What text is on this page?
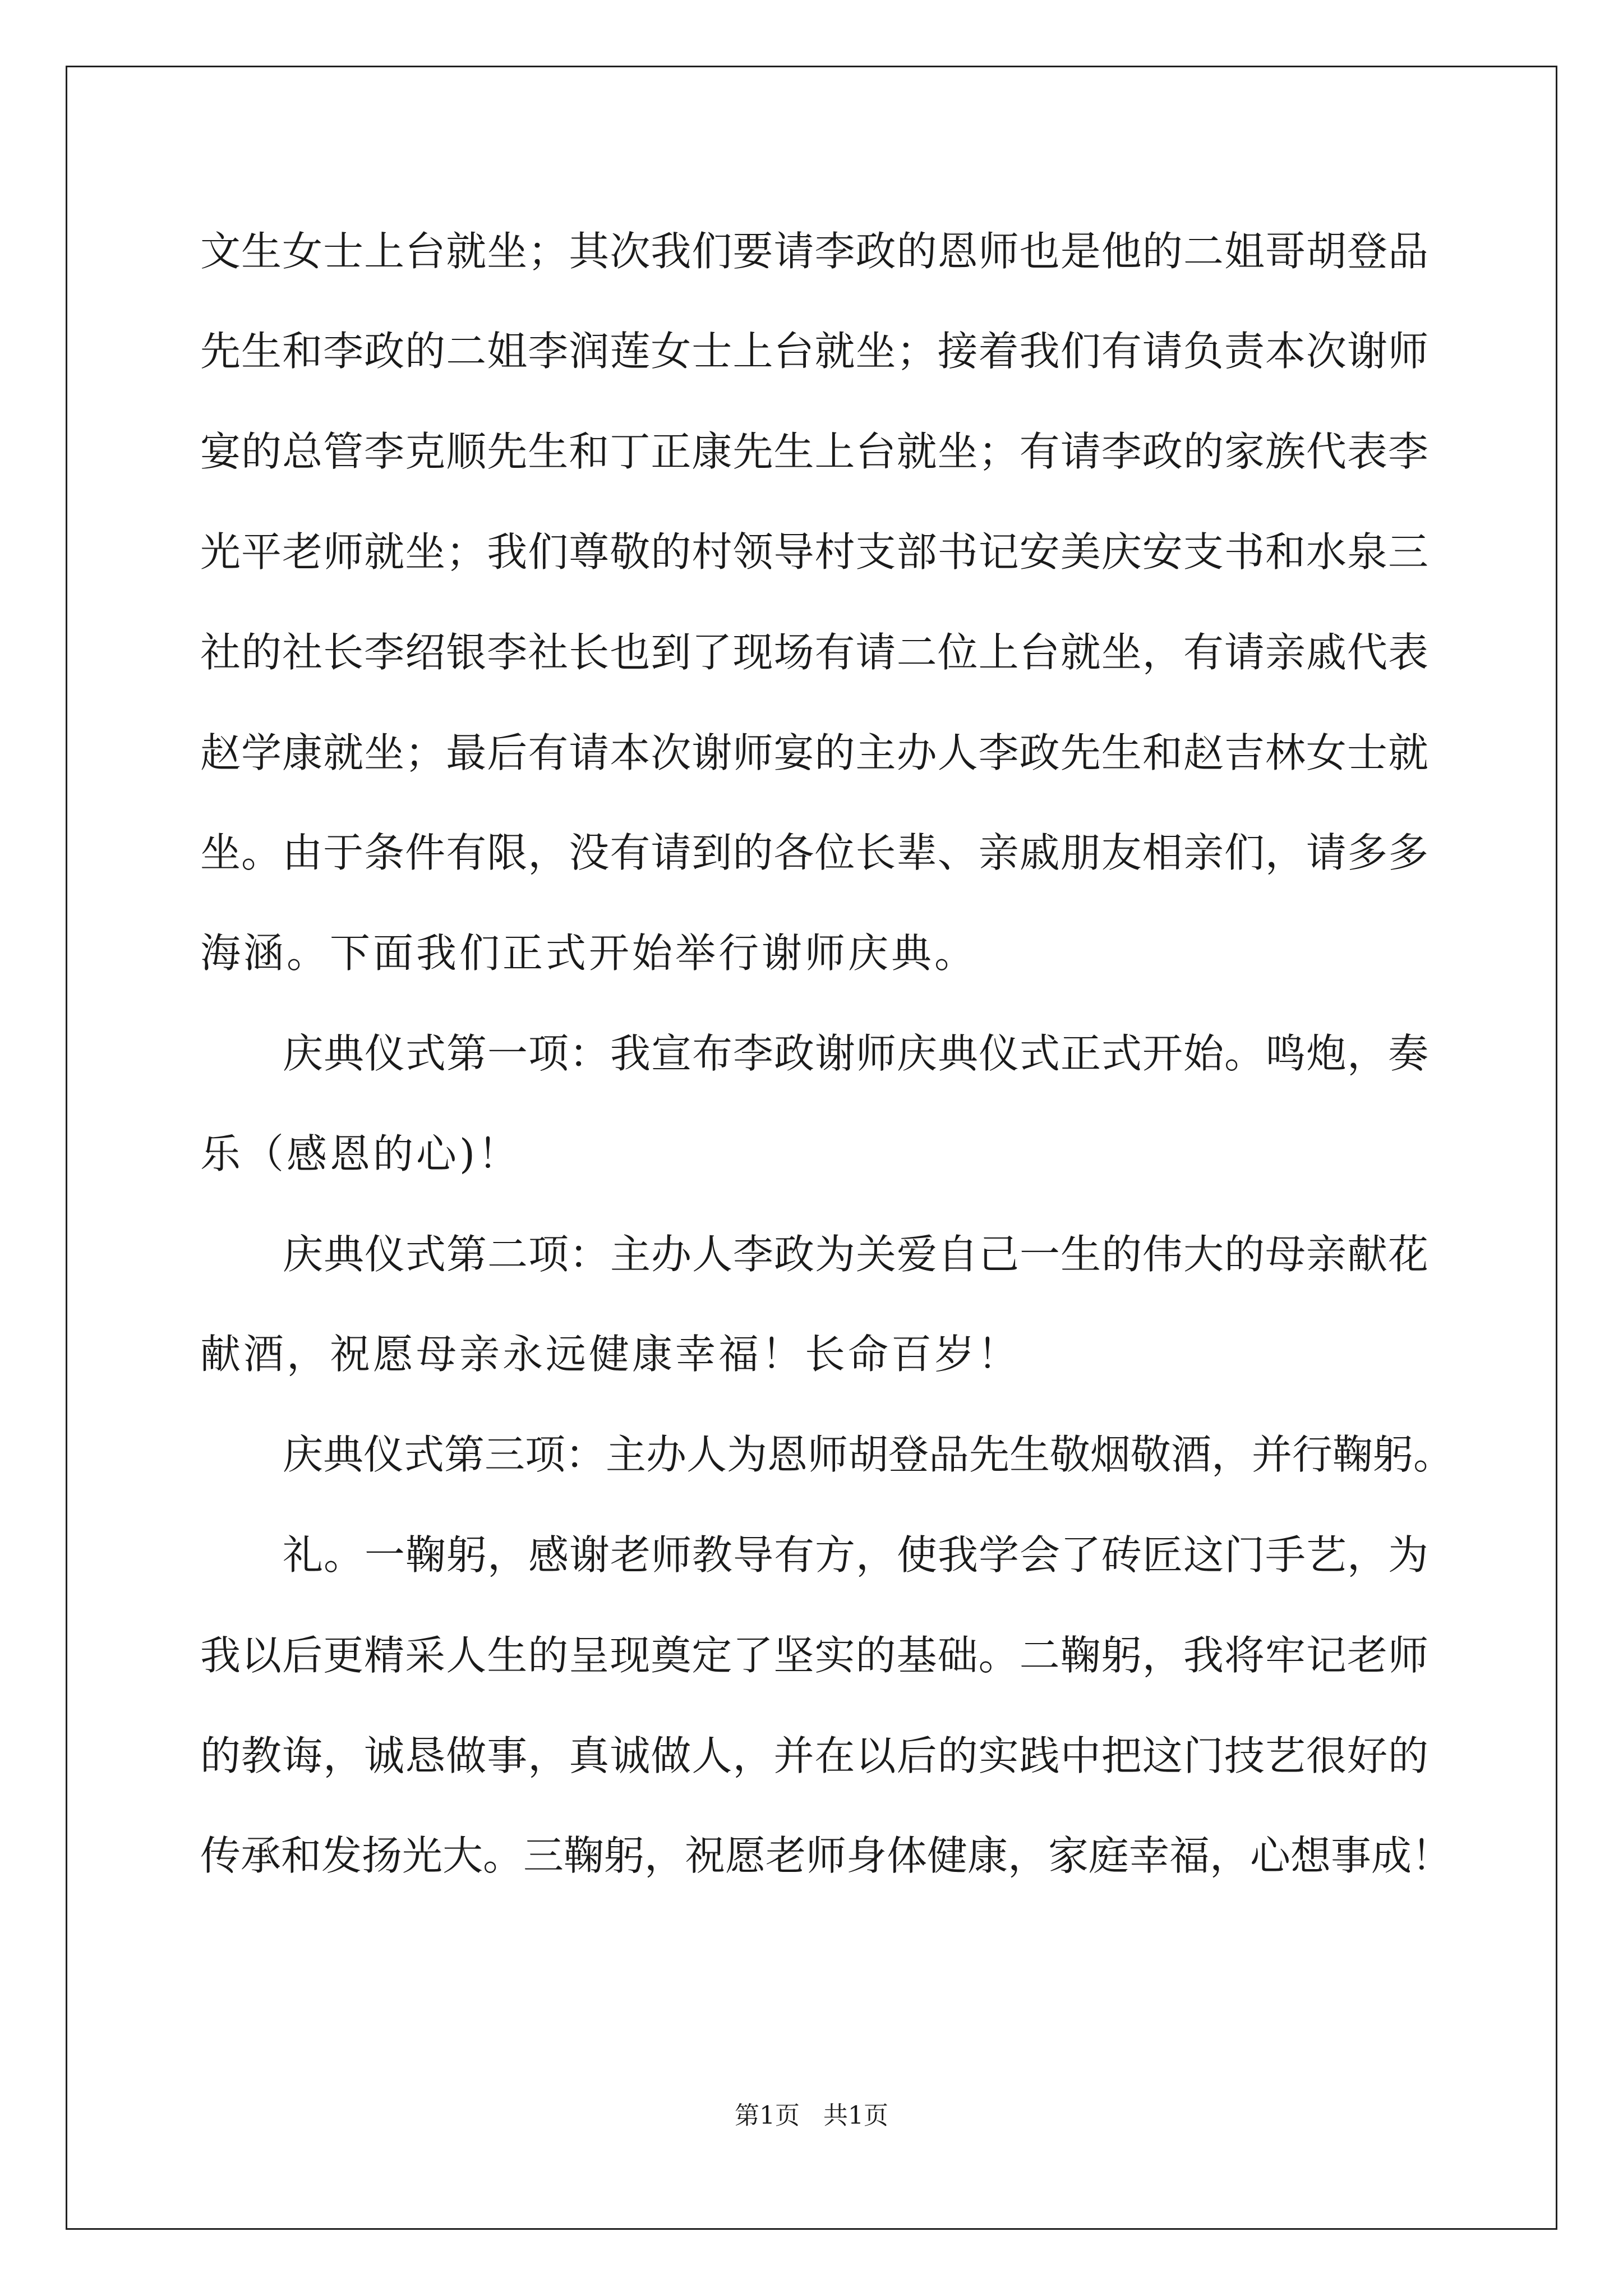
文生女士上台就坐；其次我们要请李政的恩师也是他的二姐哥胡登品
先生和李政的二姐李润莲女士上台就坐；接着我们有请负责本次谢师
宴的总管李克顺先生和丁正康先生上台就坐；有请李政的家族代表李
光平老师就坐；我们尊敬的村领导村支部书记安美庆安支书和水泉三
社的社长李绍银李社长也到了现场有请二位上台就坐，有请亲戚代表
赵学康就坐；最后有请本次谢师宴的主办人李政先生和赵吉林女士就
坐。由于条件有限，没有请到的各位长辈、亲戚朋友相亲们，请多多
海涵。下面我们正式开始举行谢师庆典。
庆典仪式第一项：我宣布李政谢师庆典仪式正式开始。鸣炮，奏
乐（感恩的心)！
庆典仪式第二项：主办人李政为关爱自己一生的伟大的母亲献花
献酒，祝愿母亲永远健康幸福！长命百岁！
庆典仪式第三项：主办人为恩师胡登品先生敬烟敬酒，并行鞠躬。
礼。一鞠躬，感谢老师教导有方，使我学会了砖匠这门手艺，为
我以后更精采人生的呈现奠定了坚实的基础。二鞠躬，我将牢记老师
的教诲，诚恳做事，真诚做人，并在以后的实践中把这门技艺很好的
传承和发扬光大。三鞠躬，祝愿老师身体健康，家庭幸福，心想事成！
第1页   共1页
